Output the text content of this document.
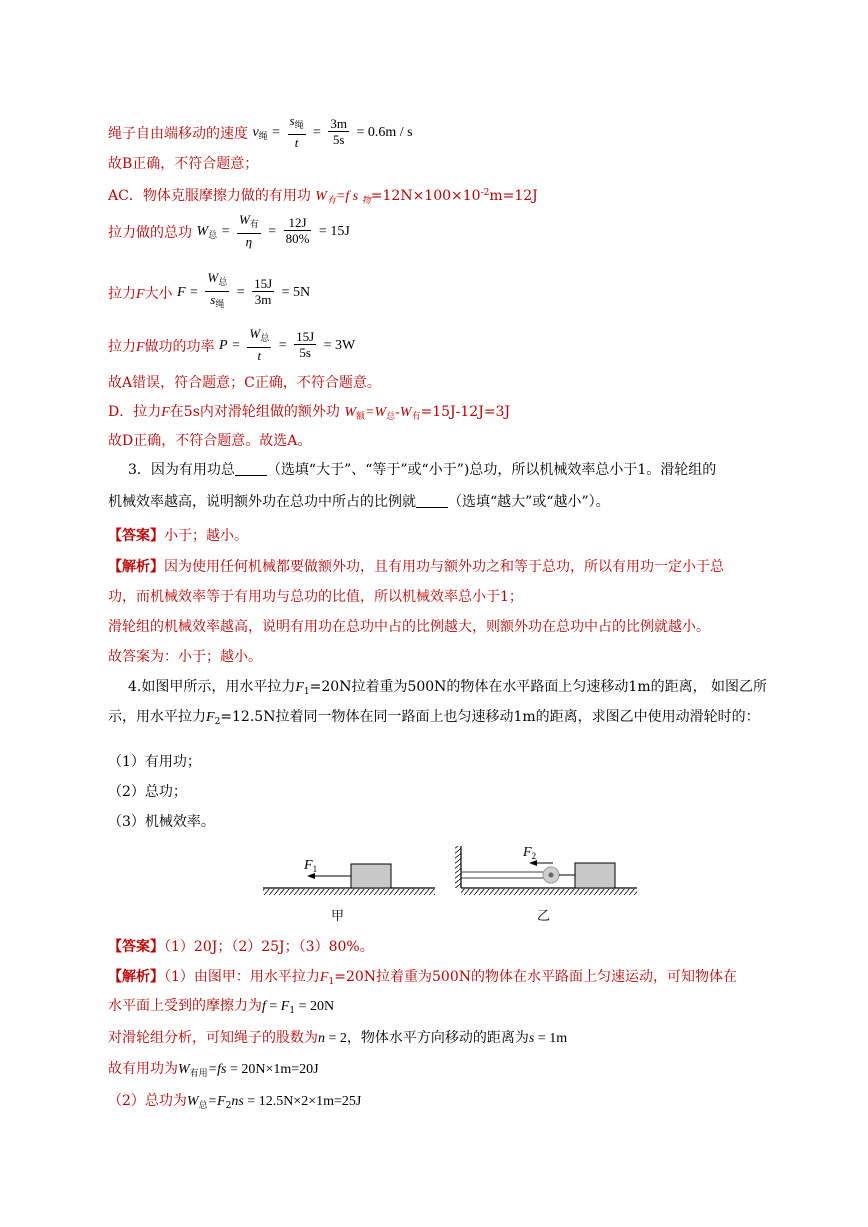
绳子自由端移动的速度 $v_绳 = \frac{s_绳}{t} = \frac{3m}{5s} = 0.6m / s$
故B正确，不符合题意；
AC．物体克服摩擦力做的有用功 $W_有=f$ s $_物=12N\times 100\times 10^{-2}m=12J$
拉力做的总功 $W_总 = \frac{W_有}{\eta} = \frac{12J}{80\%} = 15J$
拉力F大小 $F = \frac{W_总}{s_绳} = \frac{15J}{3m} = 5N$
拉力F做功的功率 $P = \frac{W_总}{t} = \frac{15J}{5s} = 3W$
故A错误，符合题意；C正确，不符合题意。
D．拉力F在5s内对滑轮组做的额外功 $W_额=W_总-W_有=15J-12J=3J$
故D正确，不符合题意。故选A。
3．因为有用功总 （选填“大于”、“等于”或“小于”)总功，所以机械效率总小于1。滑轮组的
机械效率越高，说明额外功在总功中所占的比例就 （选填“越大”或“越小”）。
【答案】小于；越小。
【解析】因为使用任何机械都要做额外功，且有用功与额外功之和等于总功，所以有用功一定小于总
功，而机械效率等于有用功与总功的比值，所以机械效率总小于1；
滑轮组的机械效率越高，说明有用功在总功中占的比例越大，则额外功在总功中占的比例就越小。
故答案为：小于；越小。
4.如图甲所示，用水平拉力$F_1=20N$拉着重为500N的物体在水平路面上匀速移动1m的距离， 如图乙所
示，用水平拉力$F_2=12.5N$拉着同一物体在同一路面上也匀速移动1m的距离，求图乙中使用动滑轮时的：
（1）有用功；
（2）总功；
（3）机械效率。
$F_1$
甲
$F_2$
乙
【答案】（1）20J；（2）25J；（3）80%。
【解析】（1）由图甲：用水平拉力$F_1=20N$拉着重为500N的物体在水平路面上匀速运动，可知物体在
水平面上受到的摩擦力为$f = F_1 = 20N$
对滑轮组分析，可知绳子的股数为n = 2，物体水平方向移动的距离为s = 1m
故有用功为$W_{有用}=fs = 20N\times 1m=20J$
（2）总功为$W_总=F_2ns = 12.5N\times 2\times 1m=25J$
